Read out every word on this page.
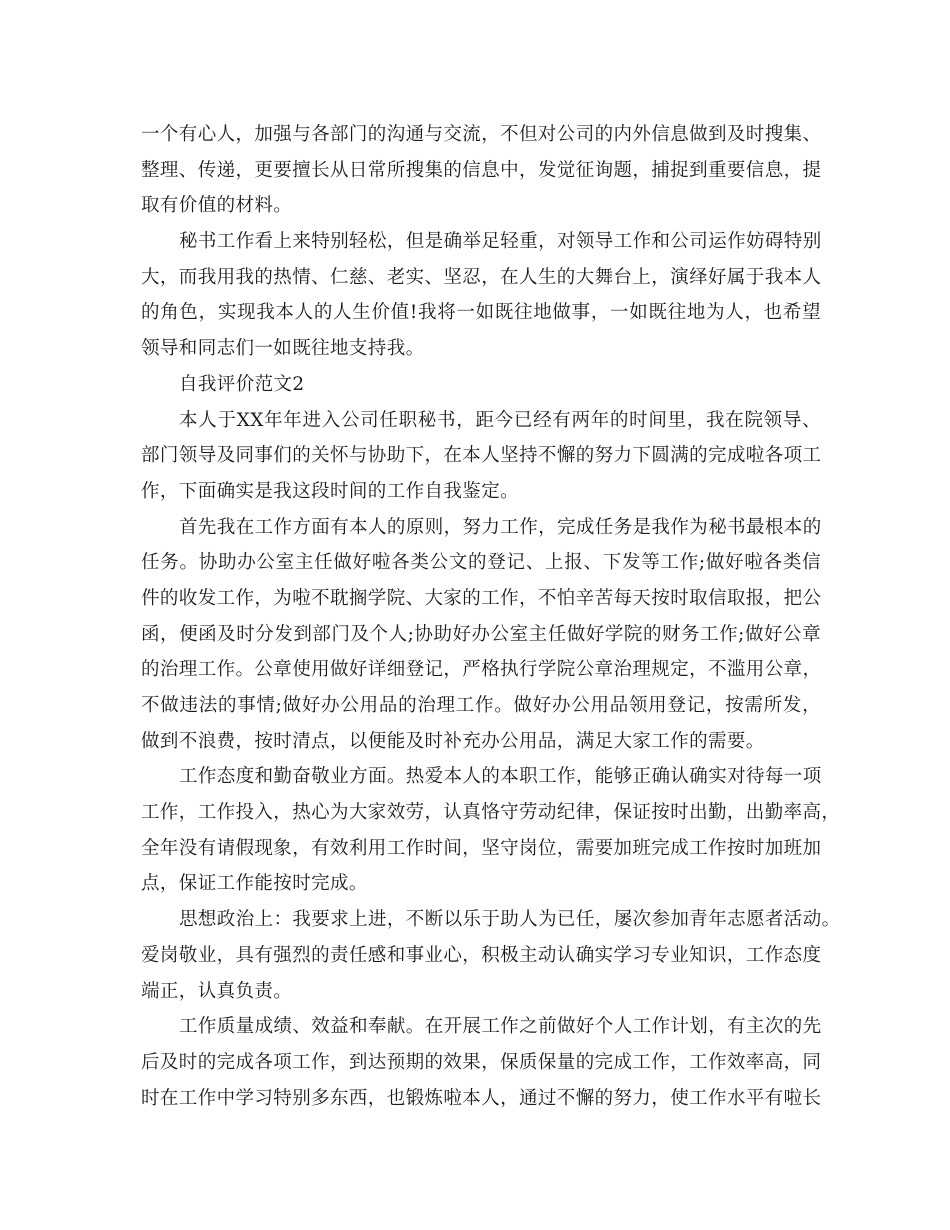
一个有心人，加强与各部门的沟通与交流，不但对公司的内外信息做到及时搜集、
整理、传递，更要擅长从日常所搜集的信息中，发觉征询题，捕捉到重要信息，提
取有价值的材料。
秘书工作看上来特别轻松，但是确举足轻重，对领导工作和公司运作妨碍特别
大，而我用我的热情、仁慈、老实、坚忍，在人生的大舞台上，演绎好属于我本人
的角色，实现我本人的人生价值!我将一如既往地做事，一如既往地为人，也希望
领导和同志们一如既往地支持我。
自我评价范文2
本人于XX年年进入公司任职秘书，距今已经有两年的时间里，我在院领导、
部门领导及同事们的关怀与协助下，在本人坚持不懈的努力下圆满的完成啦各项工
作，下面确实是我这段时间的工作自我鉴定。
首先我在工作方面有本人的原则，努力工作，完成任务是我作为秘书最根本的
任务。协助办公室主任做好啦各类公文的登记、上报、下发等工作;做好啦各类信
件的收发工作，为啦不耽搁学院、大家的工作，不怕辛苦每天按时取信取报，把公
函，便函及时分发到部门及个人;协助好办公室主任做好学院的财务工作;做好公章
的治理工作。公章使用做好详细登记，严格执行学院公章治理规定，不滥用公章，
不做违法的事情;做好办公用品的治理工作。做好办公用品领用登记，按需所发，
做到不浪费，按时清点，以便能及时补充办公用品，满足大家工作的需要。
工作态度和勤奋敬业方面。热爱本人的本职工作，能够正确认确实对待每一项
工作，工作投入，热心为大家效劳，认真恪守劳动纪律，保证按时出勤，出勤率高，
全年没有请假现象，有效利用工作时间，坚守岗位，需要加班完成工作按时加班加
点，保证工作能按时完成。
思想政治上：我要求上进，不断以乐于助人为已任，屡次参加青年志愿者活动。
爱岗敬业，具有强烈的责任感和事业心，积极主动认确实学习专业知识，工作态度
端正，认真负责。
工作质量成绩、效益和奉献。在开展工作之前做好个人工作计划，有主次的先
后及时的完成各项工作，到达预期的效果，保质保量的完成工作，工作效率高，同
时在工作中学习特别多东西，也锻炼啦本人，通过不懈的努力，使工作水平有啦长
